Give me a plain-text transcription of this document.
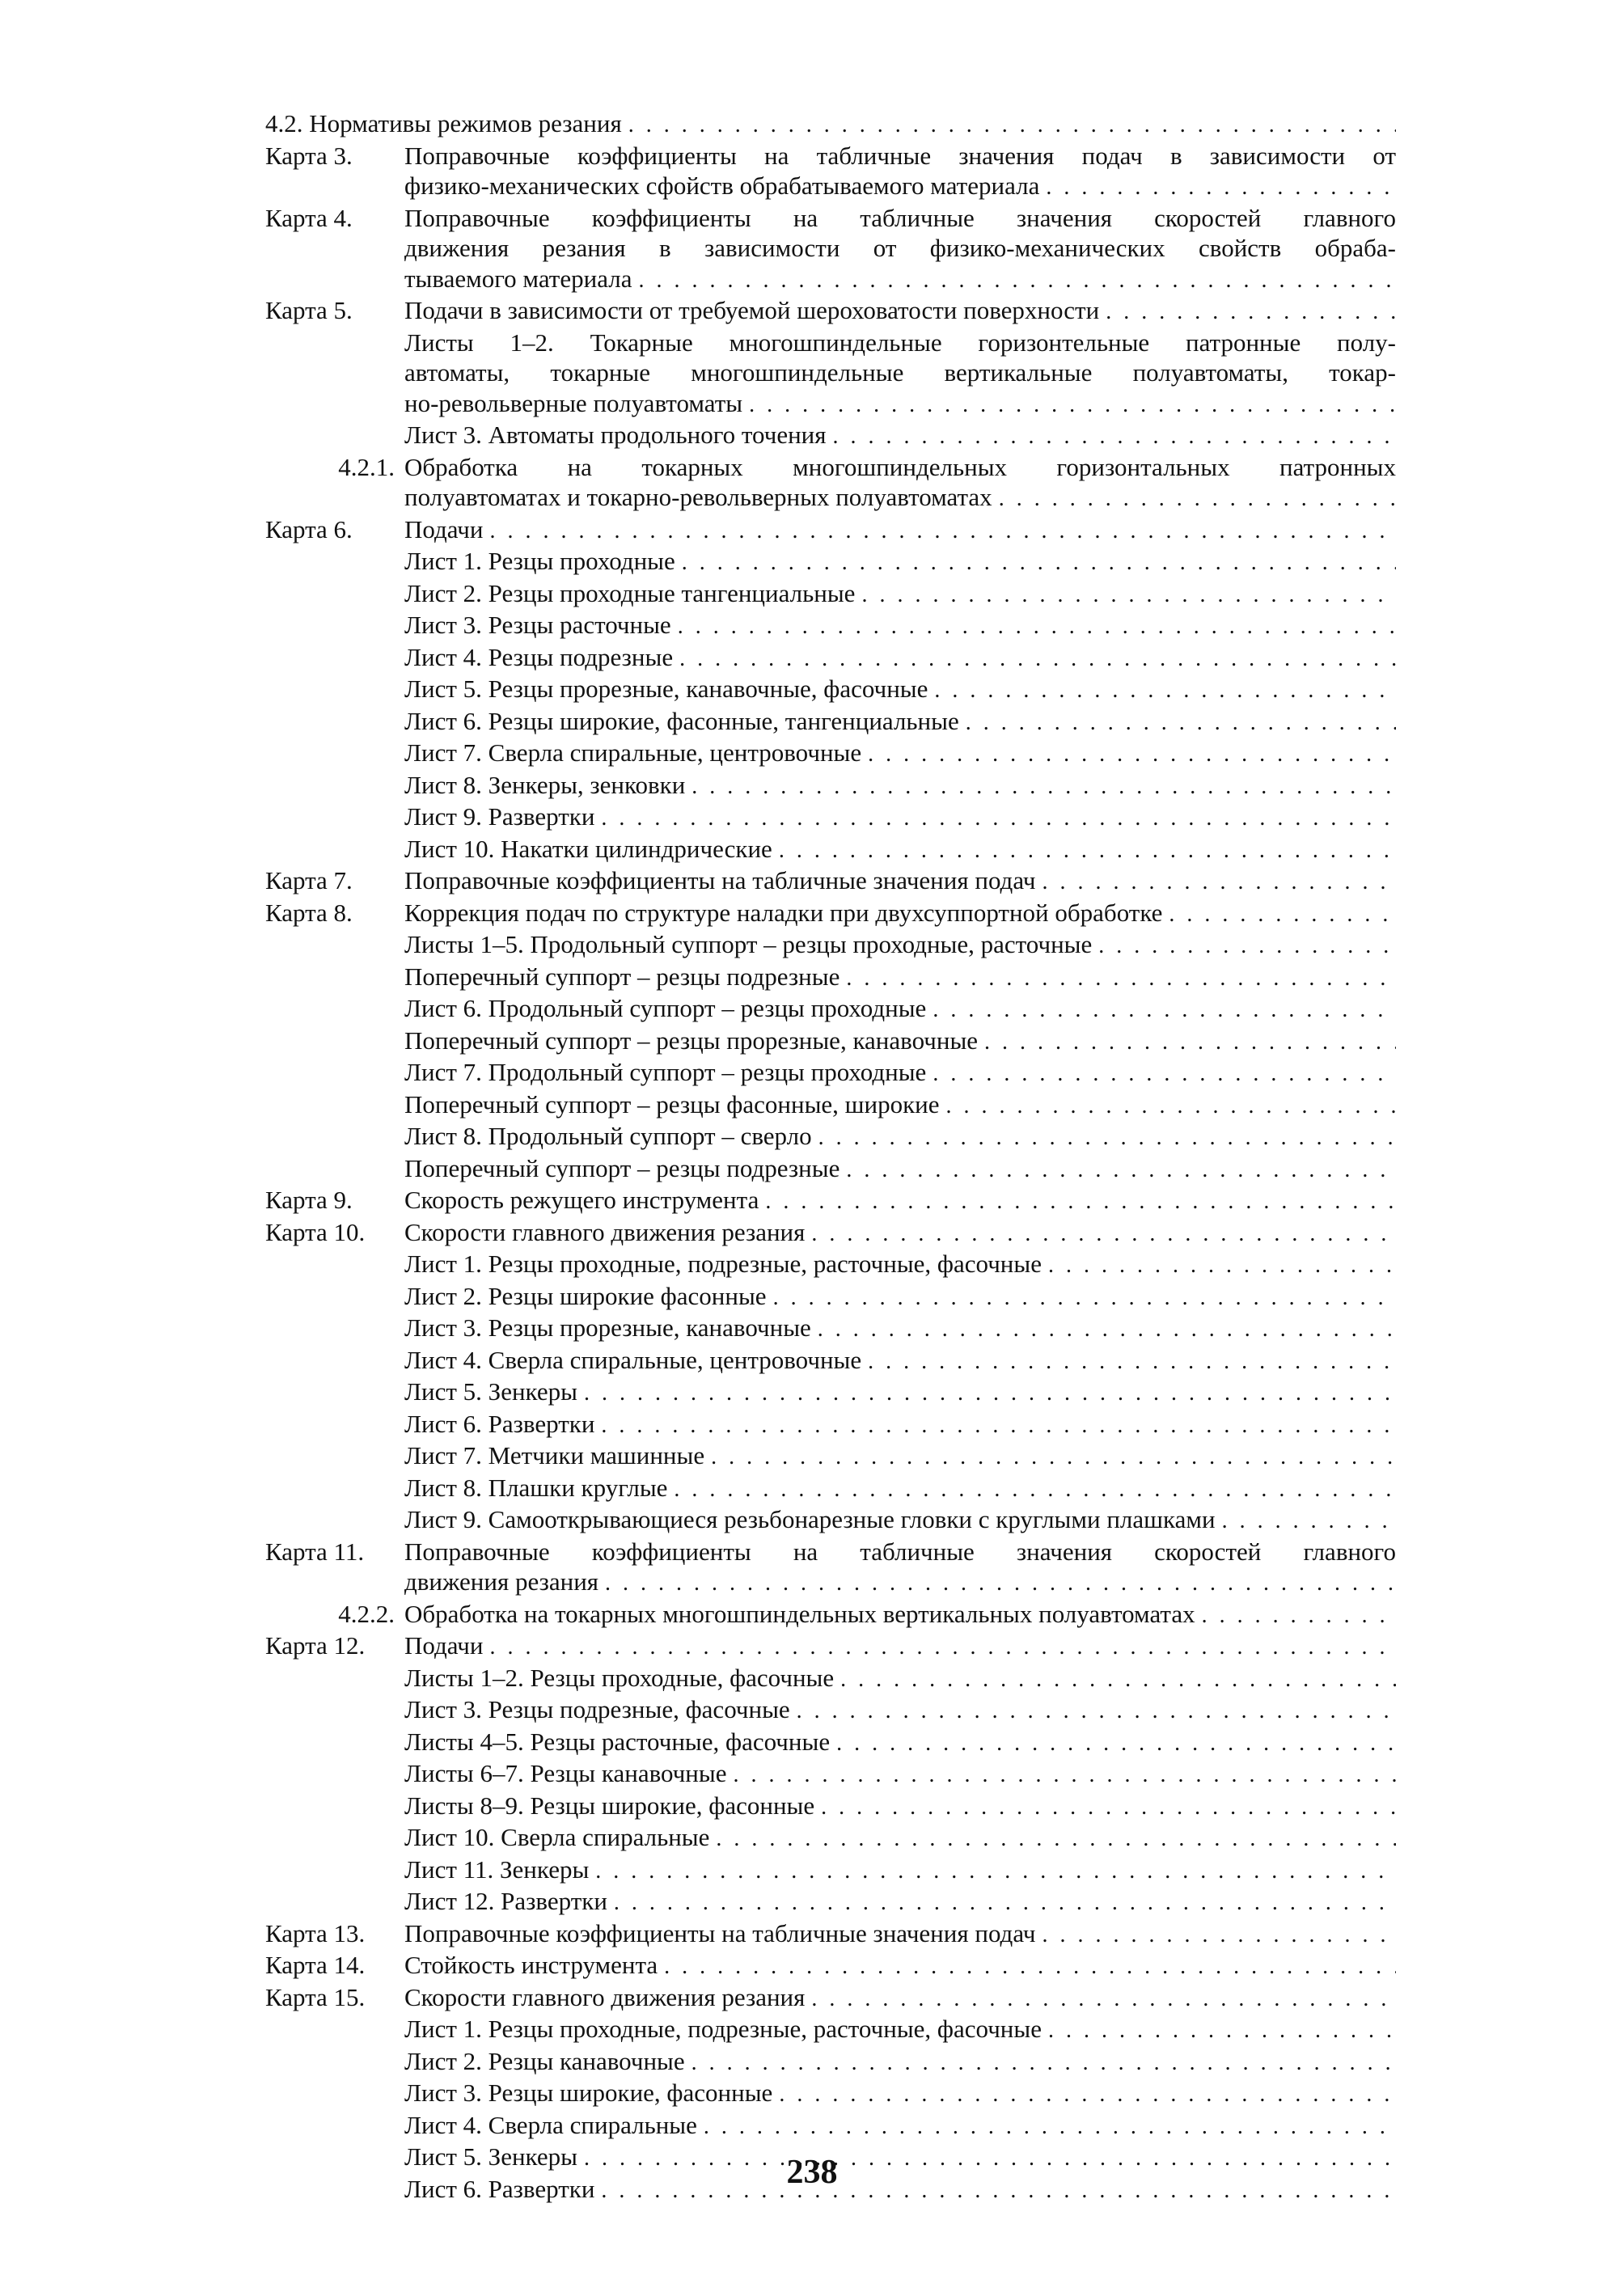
4.2. Нормативы режимов резания
. . .
Карта 3.	Поправочные коэффициенты на табличные значения подач в зависимости от
физико-механических сфойств обрабатываемого материала
. . .
Карта 4.	Поправочные коэффициенты на табличные значения скоростей главного
движения резания в зависимости от физико-механических свойств обраба-
тываемого материала
. . .
Карта 5.	Подачи в зависимости от требуемой шероховатости поверхности
. . .
Листы 1–2. Токарные многошпиндельные горизонтельные патронные полу-
автоматы, токарные многошпиндельные вертикальные полуавтоматы, токар-
но-револьверные полуавтоматы
. . .
Лист 3. Автоматы продольного точения
. . .
4.2.1. Обработка на токарных многошпиндельных горизонтальных патронных
полуавтоматах и токарно-револьверных полуавтоматах
. . .
Карта 6.	Подачи
. . .
Лист 1. Резцы проходные
. . .
Лист 2. Резцы проходные тангенциальные
. . .
Лист 3. Резцы расточные
. . .
Лист 4. Резцы подрезные
. . .
Лист 5. Резцы прорезные, канавочные, фасочные
. . .
Лист 6. Резцы широкие, фасонные, тангенциальные
. . .
Лист 7. Сверла спиральные, центровочные
. . .
Лист 8. Зенкеры, зенковки
. . .
Лист 9. Развертки
. . .
Лист 10. Накатки цилиндрические
. . .
Карта 7.	Поправочные коэффициенты на табличные значения подач
. . .
Карта 8.	Коррекция подач по структуре наладки при двухсуппортной обработке
. . .
Листы 1–5. Продольный суппорт – резцы проходные, расточные
. . .
Поперечный суппорт – резцы подрезные
. . .
Лист 6. Продольный суппорт – резцы проходные
. . .
Поперечный суппорт – резцы прорезные, канавочные
. . .
Лист 7. Продольный суппорт – резцы проходные
. . .
Поперечный суппорт – резцы фасонные, широкие
. . .
Лист 8. Продольный суппорт – сверло
. . .
Поперечный суппорт – резцы подрезные
. . .
Карта 9.	Скорость режущего инструмента
. . .
Карта 10.	Скорости главного движения резания
. . .
Лист 1. Резцы проходные, подрезные, расточные, фасочные
. . .
Лист 2. Резцы широкие фасонные
. . .
Лист 3. Резцы прорезные, канавочные
. . .
Лист 4. Сверла спиральные, центровочные
. . .
Лист 5. Зенкеры
. . .
Лист 6. Развертки
. . .
Лист 7. Метчики машинные
. . .
Лист 8. Плашки круглые
. . .
Лист 9. Самооткрывающиеся резьбонарезные гловки с круглыми плашками
. . .
Карта 11.	Поправочные коэффициенты на табличные значения скоростей главного
движения резания
. . .
4.2.2. Обработка на токарных многошпиндельных вертикальных полуавтоматах
. . .
Карта 12.	Подачи
. . .
Листы 1–2. Резцы проходные, фасочные
. . .
Лист 3. Резцы подрезные, фасочные
. . .
Листы 4–5. Резцы расточные, фасочные
. . .
Листы 6–7. Резцы канавочные
. . .
Листы 8–9. Резцы широкие, фасонные
. . .
Лист 10. Сверла спиральные
. . .
Лист 11. Зенкеры
. . .
Лист 12. Развертки
. . .
Карта 13.	Поправочные коэффициенты на табличные значения подач
. . .
Карта 14.	Стойкость инструмента
. . .
Карта 15.	Скорости главного движения резания
. . .
Лист 1. Резцы проходные, подрезные, расточные, фасочные
. . .
Лист 2. Резцы канавочные
. . .
Лист 3. Резцы широкие, фасонные
. . .
Лист 4. Сверла спиральные
. . .
Лист 5. Зенкеры
. . .
Лист 6. Развертки
. . .	238
